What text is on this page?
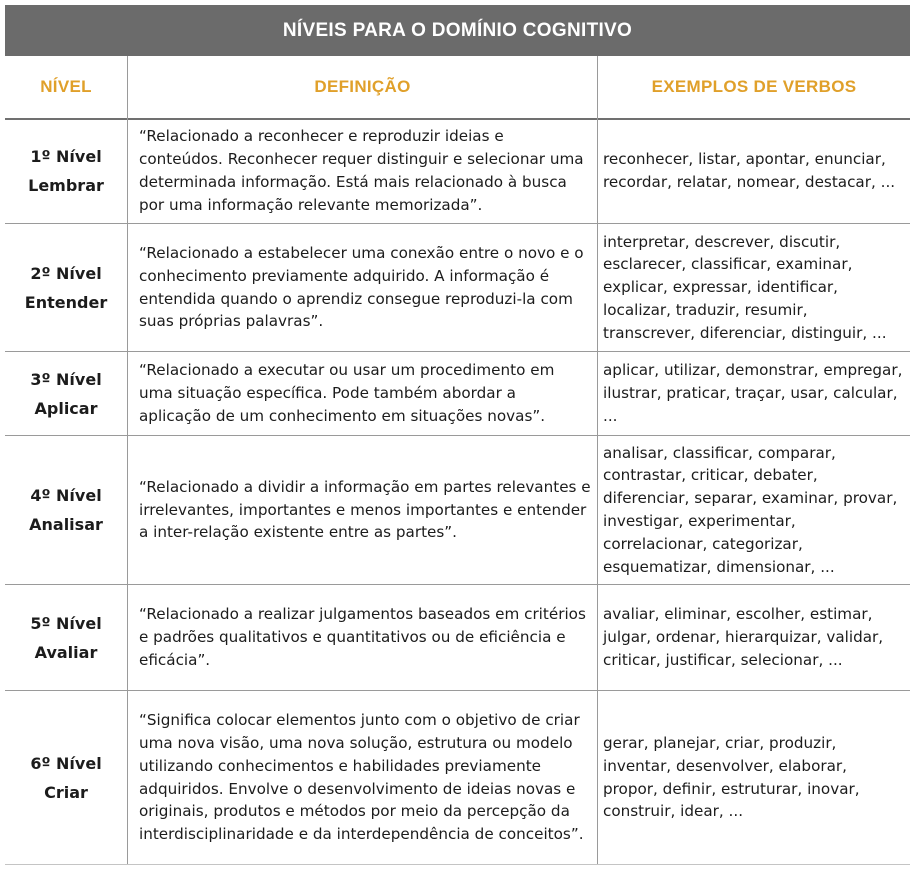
NÍVEIS PARA O DOMÍNIO COGNITIVO
NÍVEL	DEFINIÇÃO	EXEMPLOS DE VERBOS
1º Nível
Lembrar
“Relacionado a reconhecer e reproduzir ideias e conteúdos. Reconhecer requer distinguir e selecionar uma determinada informação. Está mais relacionado à busca por uma informação relevante memorizada”.
reconhecer, listar, apontar, enunciar, recordar, relatar, nomear, destacar, ...
2º Nível
Entender
“Relacionado a estabelecer uma conexão entre o novo e o conhecimento previamente adquirido. A informação é entendida quando o aprendiz consegue reproduzi-la com suas próprias palavras”.
interpretar, descrever, discutir, esclarecer, classificar, examinar, explicar, expressar, identificar, localizar, traduzir, resumir, transcrever, diferenciar, distinguir, ...
3º Nível
Aplicar
“Relacionado a executar ou usar um procedimento em uma situação específica. Pode também abordar a aplicação de um conhecimento em situações novas”.
aplicar, utilizar, demonstrar, empregar, ilustrar, praticar, traçar, usar, calcular, ...
4º Nível
Analisar
“Relacionado a dividir a informação em partes relevantes e irrelevantes, importantes e menos importantes e entender a inter-relação existente entre as partes”.
analisar, classificar, comparar, contrastar, criticar, debater, diferenciar, separar, examinar, provar, investigar, experimentar, correlacionar, categorizar, esquematizar, dimensionar, ...
5º Nível
Avaliar
“Relacionado a realizar julgamentos baseados em critérios e padrões qualitativos e quantitativos ou de eficiência e eficácia”.
avaliar, eliminar, escolher, estimar, julgar, ordenar, hierarquizar, validar, criticar, justificar, selecionar, ...
6º Nível
Criar
“Significa colocar elementos junto com o objetivo de criar uma nova visão, uma nova solução, estrutura ou modelo utilizando conhecimentos e habilidades previamente adquiridos. Envolve o desenvolvimento de ideias novas e originais, produtos e métodos por meio da percepção da interdisciplinaridade e da interdependência de conceitos”.
gerar, planejar, criar, produzir, inventar, desenvolver, elaborar, propor, definir, estruturar, inovar, construir, idear, ...
